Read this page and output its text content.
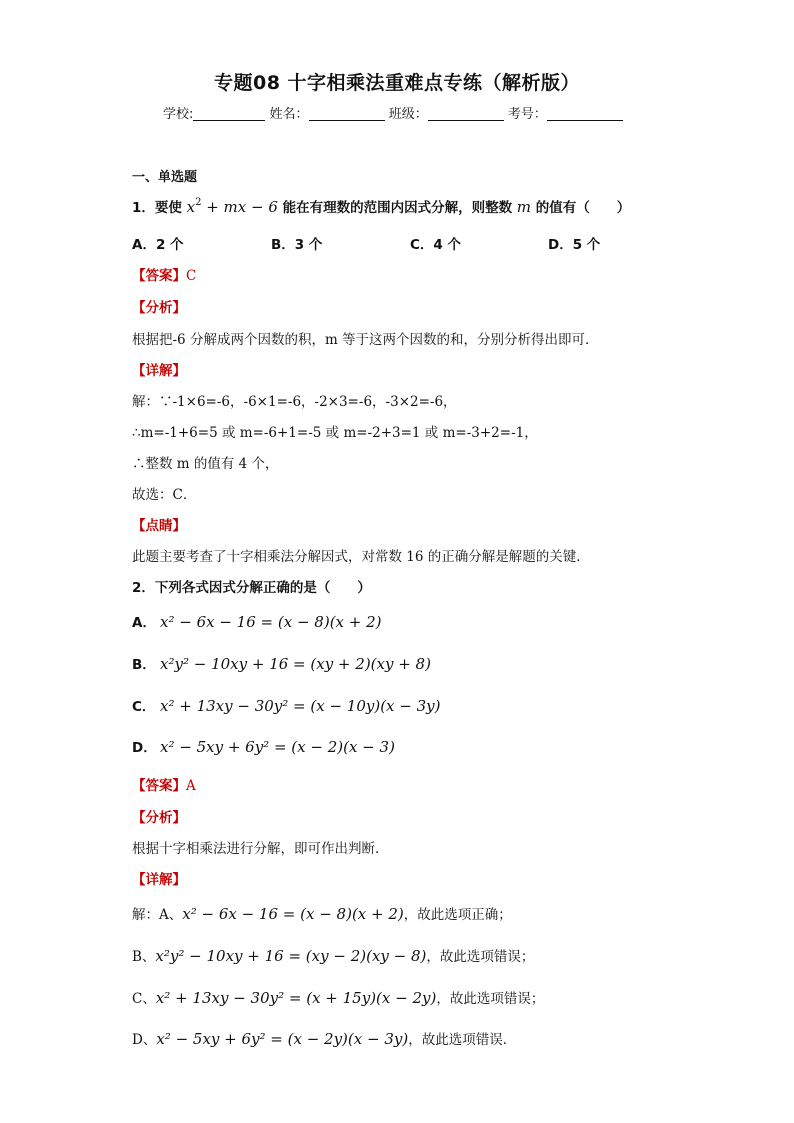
专题08 十字相乘法重难点专练（解析版）
学校:	姓名：	班级：	考号：
一、单选题
1．要使 $x^2$ + mx − 6 能在有理数的范围内因式分解，则整数 m 的值有（　　）
A．2 个	B．3 个	C．4 个	D．5 个
【答案】C
【分析】
根据把-6 分解成两个因数的积，m 等于这两个因数的和，分别分析得出即可．
【详解】
解：∵-1×6=-6，-6×1=-6，-2×3=-6，-3×2=-6，
∴m=-1+6=5 或 m=-6+1=-5 或 m=-2+3=1 或 m=-3+2=-1，
∴整数 m 的值有 4 个，
故选：C．
【点睛】
此题主要考查了十字相乘法分解因式，对常数 16 的正确分解是解题的关键．
2．下列各式因式分解正确的是（　　）
A． x² − 6x − 16 = (x − 8)(x + 2)
B． x²y² − 10xy + 16 = (xy + 2)(xy + 8)
C． x² + 13xy − 30y² = (x − 10y)(x − 3y)
D． x² − 5xy + 6y² = (x − 2)(x − 3)
【答案】A
【分析】
根据十字相乘法进行分解，即可作出判断．
【详解】
解：A、x² − 6x − 16 = (x − 8)(x + 2)，故此选项正确；
B、x²y² − 10xy + 16 = (xy − 2)(xy − 8)，故此选项错误；
C、x² + 13xy − 30y² = (x + 15y)(x − 2y)，故此选项错误；
D、x² − 5xy + 6y² = (x − 2y)(x − 3y)，故此选项错误．
